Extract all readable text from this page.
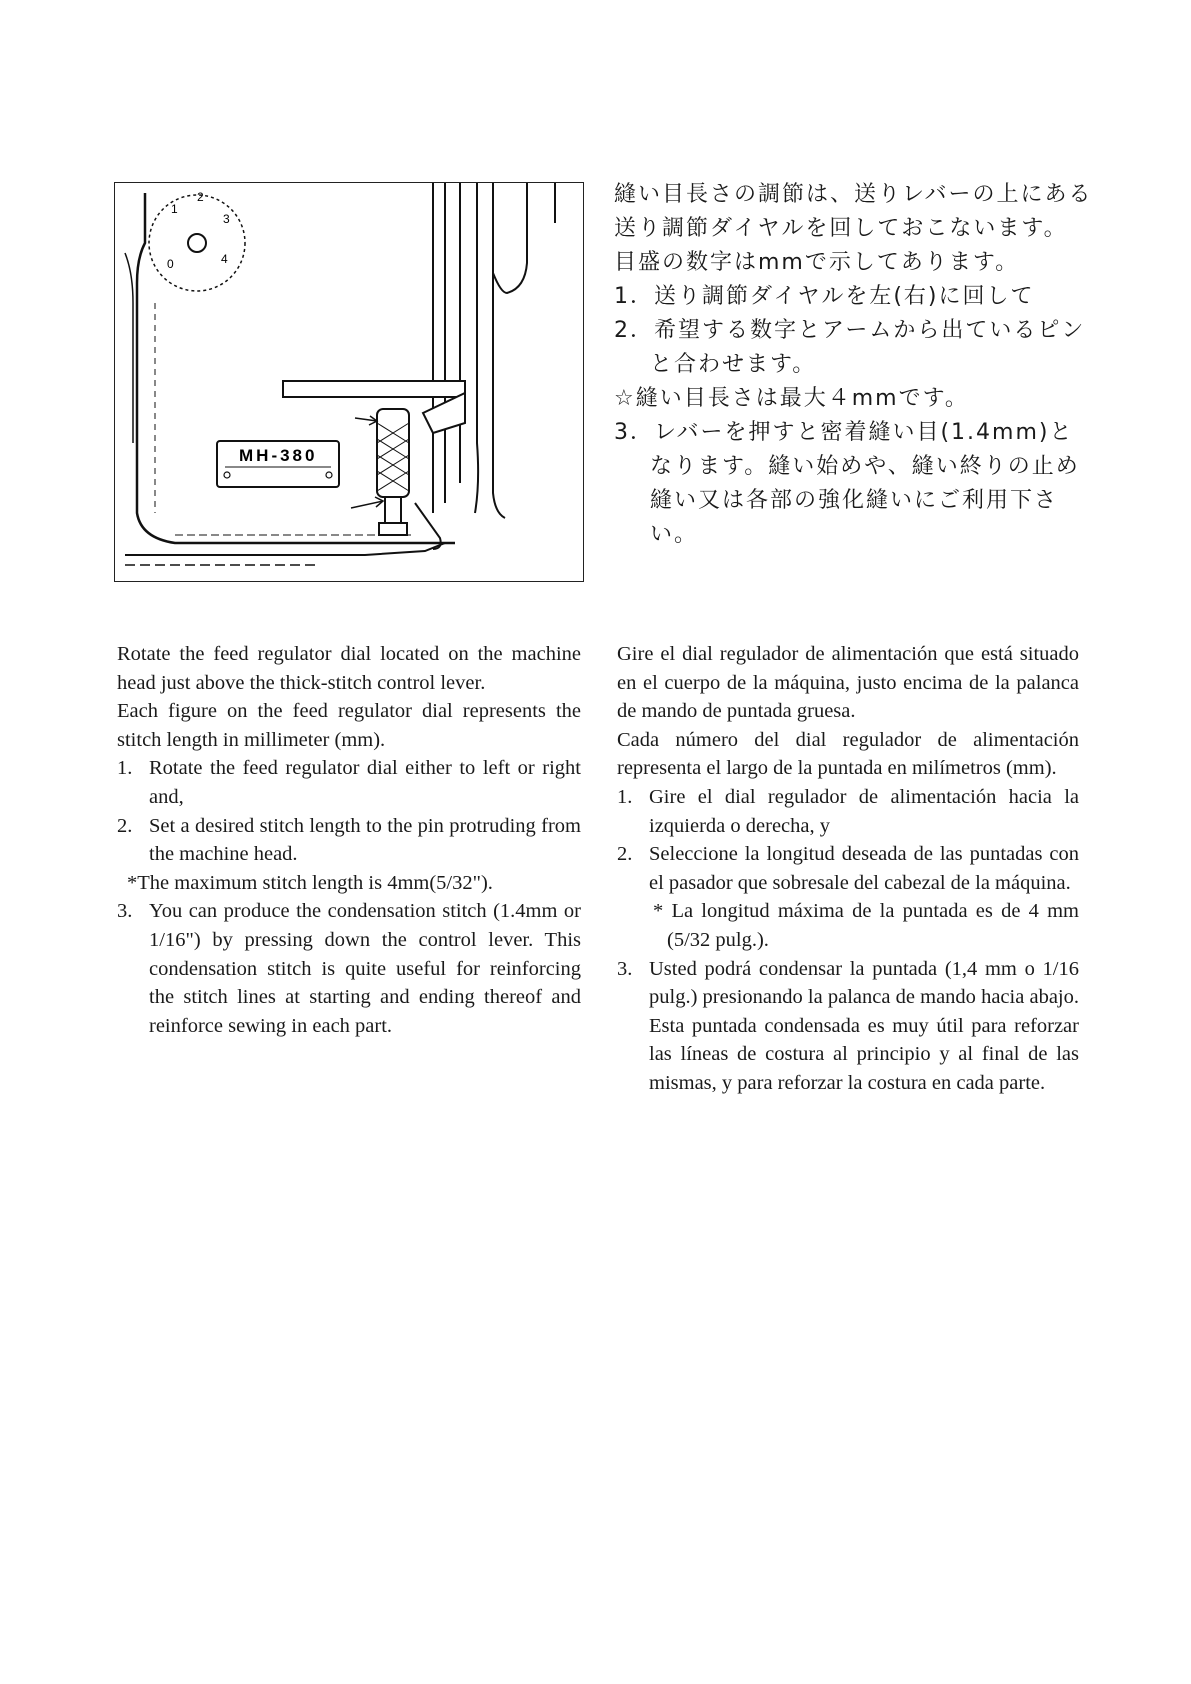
0
1
2
3
4
MH-380

縫い目長さの調節は、送りレバーの上にある送り調節ダイヤルを回しておこないます。

目盛の数字はmmで示してあります。

1．送り調節ダイヤルを左(右)に回して

2．希望する数字とアームから出ているピンと合わせます。

☆縫い目長さは最大４mmです。

3．レバーを押すと密着縫い目(1.4mm)となります。縫い始めや、縫い終りの止め縫い又は各部の強化縫いにご利用下さい。

Rotate the feed regulator dial located on the machine head just above the thick-stitch control lever.

Each figure on the feed regulator dial represents the stitch length in millimeter (mm).

1. Rotate the feed regulator dial either to left or right and,
2. Set a desired stitch length to the pin protruding from the machine head.

*The maximum stitch length is 4mm(5/32").

3. You can produce the condensation stitch (1.4mm or 1/16") by pressing down the control lever. This condensation stitch is quite useful for reinforcing the stitch lines at starting and ending thereof and reinforce sewing in each part.

Gire el dial regulador de alimentación que está situado en el cuerpo de la máquina, justo encima de la palanca de mando de puntada gruesa.

Cada número del dial regulador de alimentación representa el largo de la puntada en milímetros (mm).

1. Gire el dial regulador de alimentación hacia la izquierda o derecha, y
2. Seleccione la longitud deseada de las puntadas con el pasador que sobresale del cabezal de la máquina.

* La longitud máxima de la puntada es de 4 mm (5/32 pulg.).

3. Usted podrá condensar la puntada (1,4 mm o 1/16 pulg.) presionando la palanca de mando hacia abajo. Esta puntada condensada es muy útil para reforzar las líneas de costura al principio y al final de las mismas, y para reforzar la costura en cada parte.
